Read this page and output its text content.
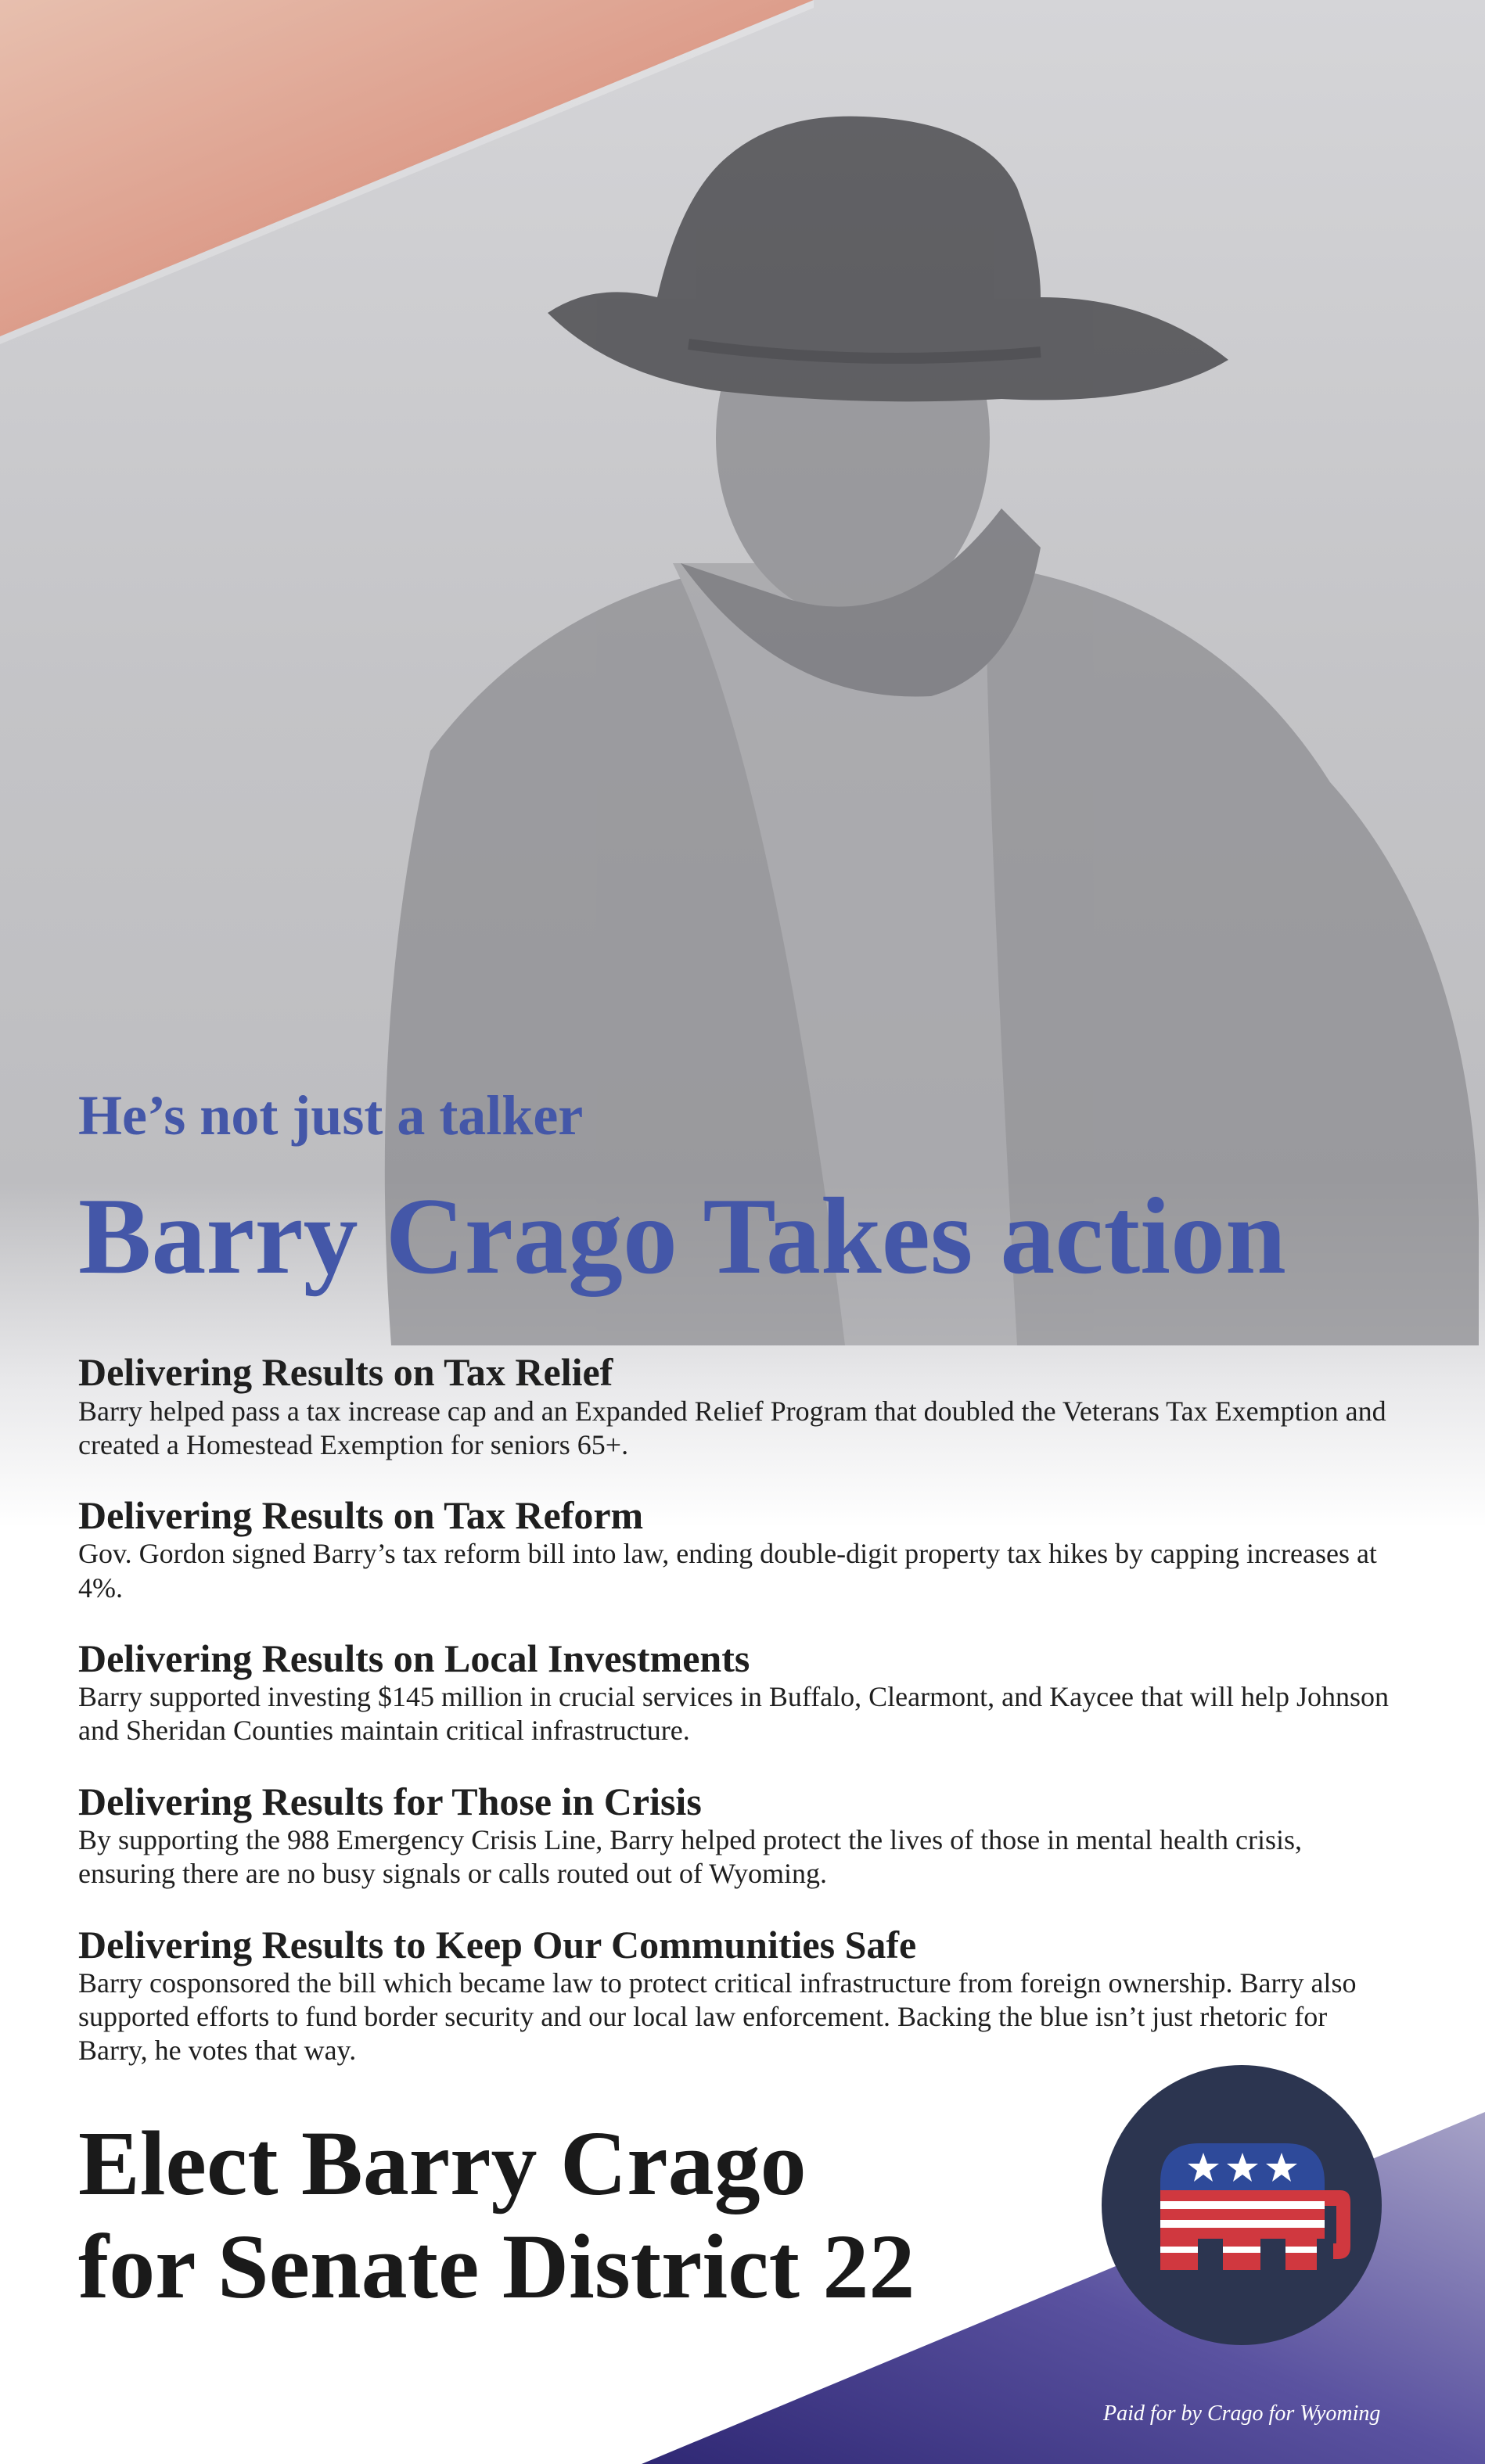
He’s not just a talker
Barry Crago Takes action
Delivering Results on Tax Relief

Barry helped pass a tax increase cap and an Expanded Relief Program that doubled the Veterans Tax Exemption and created a Homestead Exemption for seniors 65+.

Delivering Results on Tax Reform

Gov. Gordon signed Barry’s tax reform bill into law, ending double-digit property tax hikes by capping increases at 4%.

Delivering Results on Local Investments

Barry supported investing $145 million in crucial services in Buffalo, Clearmont, and Kaycee that will help Johnson and Sheridan Counties maintain critical infrastructure.

Delivering Results for Those in Crisis

By supporting the 988 Emergency Crisis Line, Barry helped protect the lives of those in mental health crisis, ensuring there are no busy signals or calls routed out of Wyoming.

Delivering Results to Keep Our Communities Safe

Barry cosponsored the bill which became law to protect critical infrastructure from foreign ownership. Barry also supported efforts to fund border security and our local law enforcement. Backing the blue isn’t just rhetoric for Barry, he votes that way.

Elect Barry Crago
for Senate District 22
Paid for by Crago for Wyoming
